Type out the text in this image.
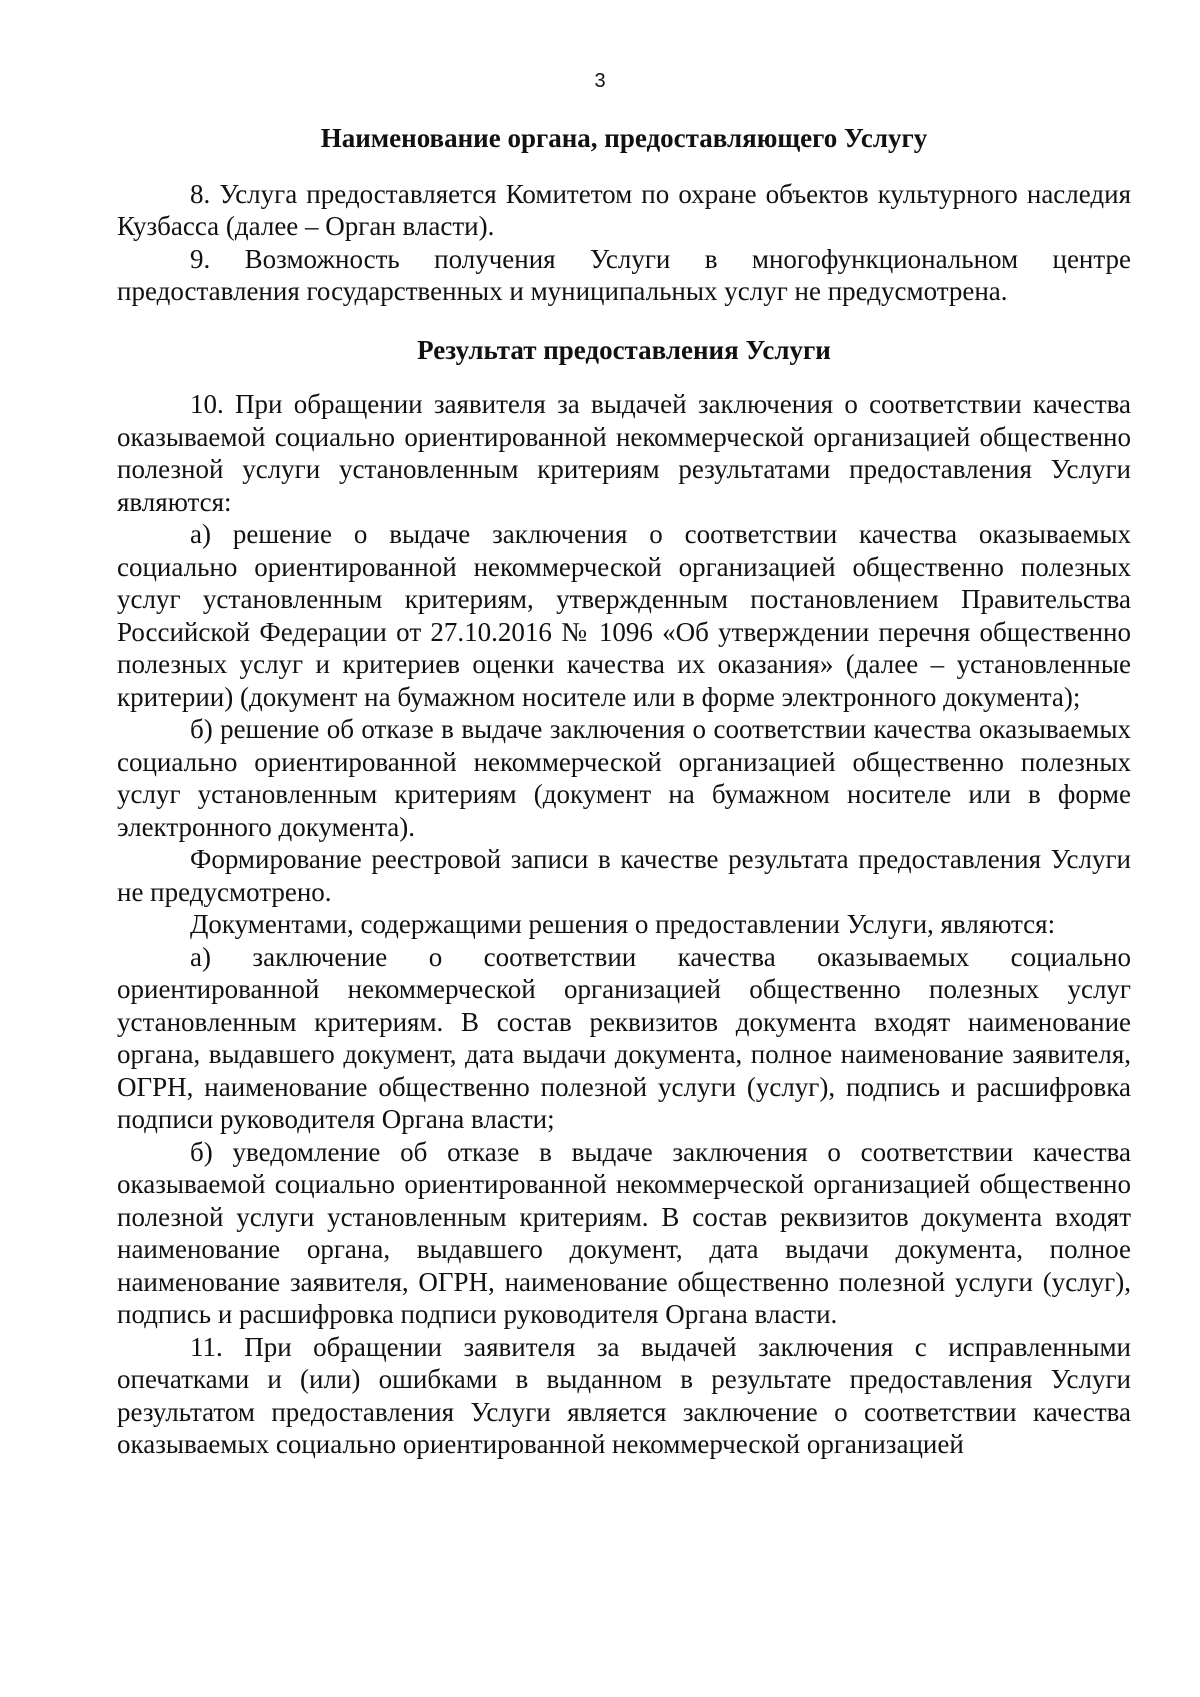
3
Наименование органа, предоставляющего Услугу

8. Услуга предоставляется Комитетом по охране объектов культурного наследия Кузбасса (далее – Орган власти).

9. Возможность получения Услуги в многофункциональном центре предоставления государственных и муниципальных услуг не предусмотрена.

Результат предоставления Услуги

10. При обращении заявителя за выдачей заключения о соответствии качества оказываемой социально ориентированной некоммерческой организацией общественно полезной услуги установленным критериям результатами предоставления Услуги являются:

а) решение о выдаче заключения о соответствии качества оказываемых социально ориентированной некоммерческой организацией общественно полезных услуг установленным критериям, утвержденным постановлением Правительства Российской Федерации от 27.10.2016 № 1096 «Об утверждении перечня общественно полезных услуг и критериев оценки качества их оказания» (далее – установленные критерии) (документ на бумажном носителе или в форме электронного документа);

б) решение об отказе в выдаче заключения о соответствии качества оказываемых социально ориентированной некоммерческой организацией общественно полезных услуг установленным критериям (документ на бумажном носителе или в форме электронного документа).

Формирование реестровой записи в качестве результата предоставления Услуги не предусмотрено.

Документами, содержащими решения о предоставлении Услуги, являются:

а) заключение о соответствии качества оказываемых социально ориентированной некоммерческой организацией общественно полезных услуг установленным критериям. В состав реквизитов документа входят наименование органа, выдавшего документ, дата выдачи документа, полное наименование заявителя, ОГРН, наименование общественно полезной услуги (услуг), подпись и расшифровка подписи руководителя Органа власти;

б) уведомление об отказе в выдаче заключения о соответствии качества оказываемой социально ориентированной некоммерческой организацией общественно полезной услуги установленным критериям. В состав реквизитов документа входят наименование органа, выдавшего документ, дата выдачи документа, полное наименование заявителя, ОГРН, наименование общественно полезной услуги (услуг), подпись и расшифровка подписи руководителя Органа власти.

11. При обращении заявителя за выдачей заключения с исправленными опечатками и (или) ошибками в выданном в результате предоставления Услуги результатом предоставления Услуги является заключение о соответствии качества оказываемых социально ориентированной некоммерческой организацией
